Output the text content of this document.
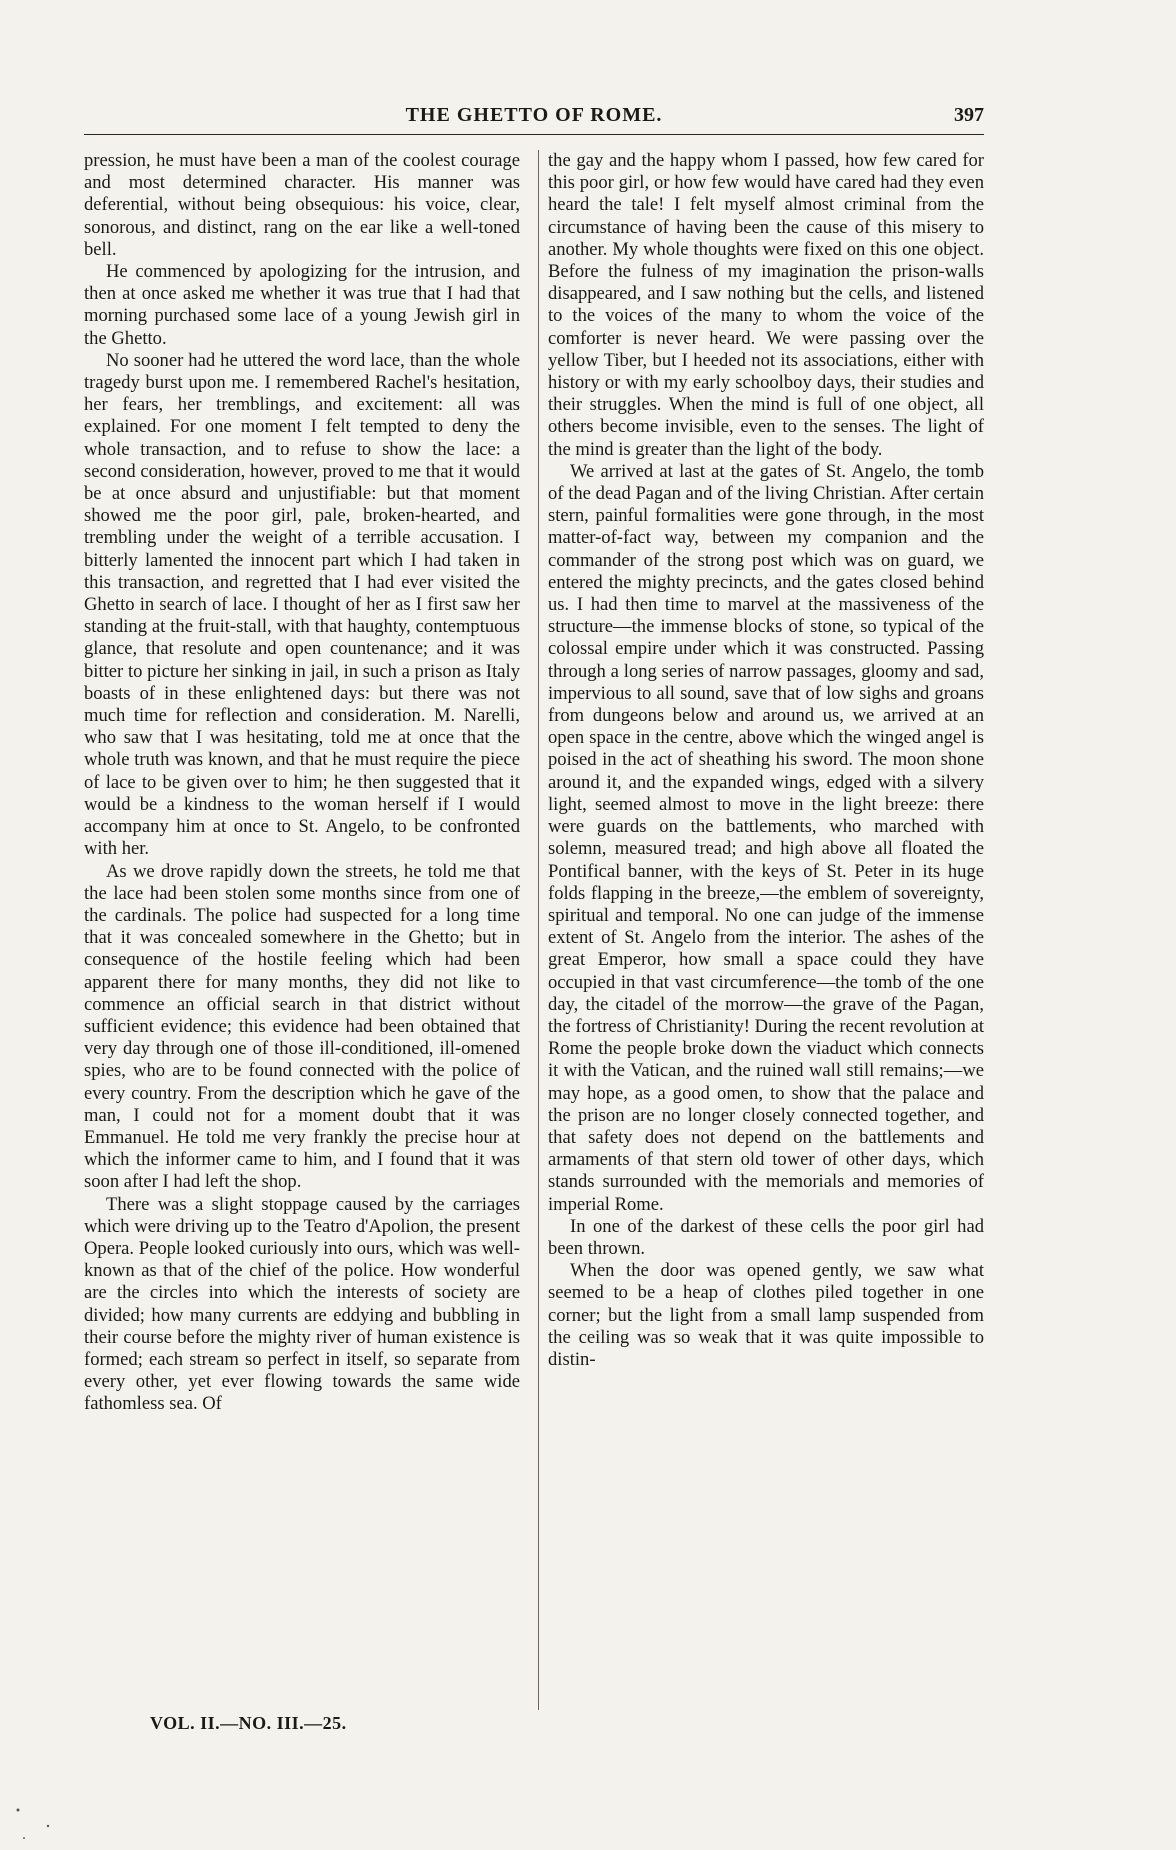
THE GHETTO OF ROME.	397

pression, he must have been a man of the coolest courage and most determined character. His manner was deferential, without being obsequious: his voice, clear, sonorous, and distinct, rang on the ear like a well-toned bell.

He commenced by apologizing for the intrusion, and then at once asked me whether it was true that I had that morning purchased some lace of a young Jewish girl in the Ghetto.

No sooner had he uttered the word lace, than the whole tragedy burst upon me. I remembered Rachel's hesitation, her fears, her tremblings, and excitement: all was explained. For one moment I felt tempted to deny the whole transaction, and to refuse to show the lace: a second consideration, however, proved to me that it would be at once absurd and unjustifiable: but that moment showed me the poor girl, pale, broken-hearted, and trembling under the weight of a terrible accusation. I bitterly lamented the innocent part which I had taken in this transaction, and regretted that I had ever visited the Ghetto in search of lace. I thought of her as I first saw her standing at the fruit-stall, with that haughty, contemptuous glance, that resolute and open countenance; and it was bitter to picture her sinking in jail, in such a prison as Italy boasts of in these enlightened days: but there was not much time for reflection and consideration. M. Narelli, who saw that I was hesitating, told me at once that the whole truth was known, and that he must require the piece of lace to be given over to him; he then suggested that it would be a kindness to the woman herself if I would accompany him at once to St. Angelo, to be confronted with her.

As we drove rapidly down the streets, he told me that the lace had been stolen some months since from one of the cardinals. The police had suspected for a long time that it was concealed somewhere in the Ghetto; but in consequence of the hostile feeling which had been apparent there for many months, they did not like to commence an official search in that district without sufficient evidence; this evidence had been obtained that very day through one of those ill-conditioned, ill-omened spies, who are to be found connected with the police of every country. From the description which he gave of the man, I could not for a moment doubt that it was Emmanuel. He told me very frankly the precise hour at which the informer came to him, and I found that it was soon after I had left the shop.

There was a slight stoppage caused by the carriages which were driving up to the Teatro d'Apolion, the present Opera. People looked curiously into ours, which was well-known as that of the chief of the police. How wonderful are the circles into which the interests of society are divided; how many currents are eddying and bubbling in their course before the mighty river of human existence is formed; each stream so perfect in itself, so separate from every other, yet ever flowing towards the same wide fathomless sea. Of

the gay and the happy whom I passed, how few cared for this poor girl, or how few would have cared had they even heard the tale! I felt myself almost criminal from the circumstance of having been the cause of this misery to another. My whole thoughts were fixed on this one object. Before the fulness of my imagination the prison-walls disappeared, and I saw nothing but the cells, and listened to the voices of the many to whom the voice of the comforter is never heard. We were passing over the yellow Tiber, but I heeded not its associations, either with history or with my early schoolboy days, their studies and their struggles. When the mind is full of one object, all others become invisible, even to the senses. The light of the mind is greater than the light of the body.

We arrived at last at the gates of St. Angelo, the tomb of the dead Pagan and of the living Christian. After certain stern, painful formalities were gone through, in the most matter-of-fact way, between my companion and the commander of the strong post which was on guard, we entered the mighty precincts, and the gates closed behind us. I had then time to marvel at the massiveness of the structure—the immense blocks of stone, so typical of the colossal empire under which it was constructed. Passing through a long series of narrow passages, gloomy and sad, impervious to all sound, save that of low sighs and groans from dungeons below and around us, we arrived at an open space in the centre, above which the winged angel is poised in the act of sheathing his sword. The moon shone around it, and the expanded wings, edged with a silvery light, seemed almost to move in the light breeze: there were guards on the battlements, who marched with solemn, measured tread; and high above all floated the Pontifical banner, with the keys of St. Peter in its huge folds flapping in the breeze,—the emblem of sovereignty, spiritual and temporal. No one can judge of the immense extent of St. Angelo from the interior. The ashes of the great Emperor, how small a space could they have occupied in that vast circumference—the tomb of the one day, the citadel of the morrow—the grave of the Pagan, the fortress of Christianity! During the recent revolution at Rome the people broke down the viaduct which connects it with the Vatican, and the ruined wall still remains;—we may hope, as a good omen, to show that the palace and the prison are no longer closely connected together, and that safety does not depend on the battlements and armaments of that stern old tower of other days, which stands surrounded with the memorials and memories of imperial Rome.

In one of the darkest of these cells the poor girl had been thrown.

When the door was opened gently, we saw what seemed to be a heap of clothes piled together in one corner; but the light from a small lamp suspended from the ceiling was so weak that it was quite impossible to distin-

VOL. II.—NO. III.—25.
